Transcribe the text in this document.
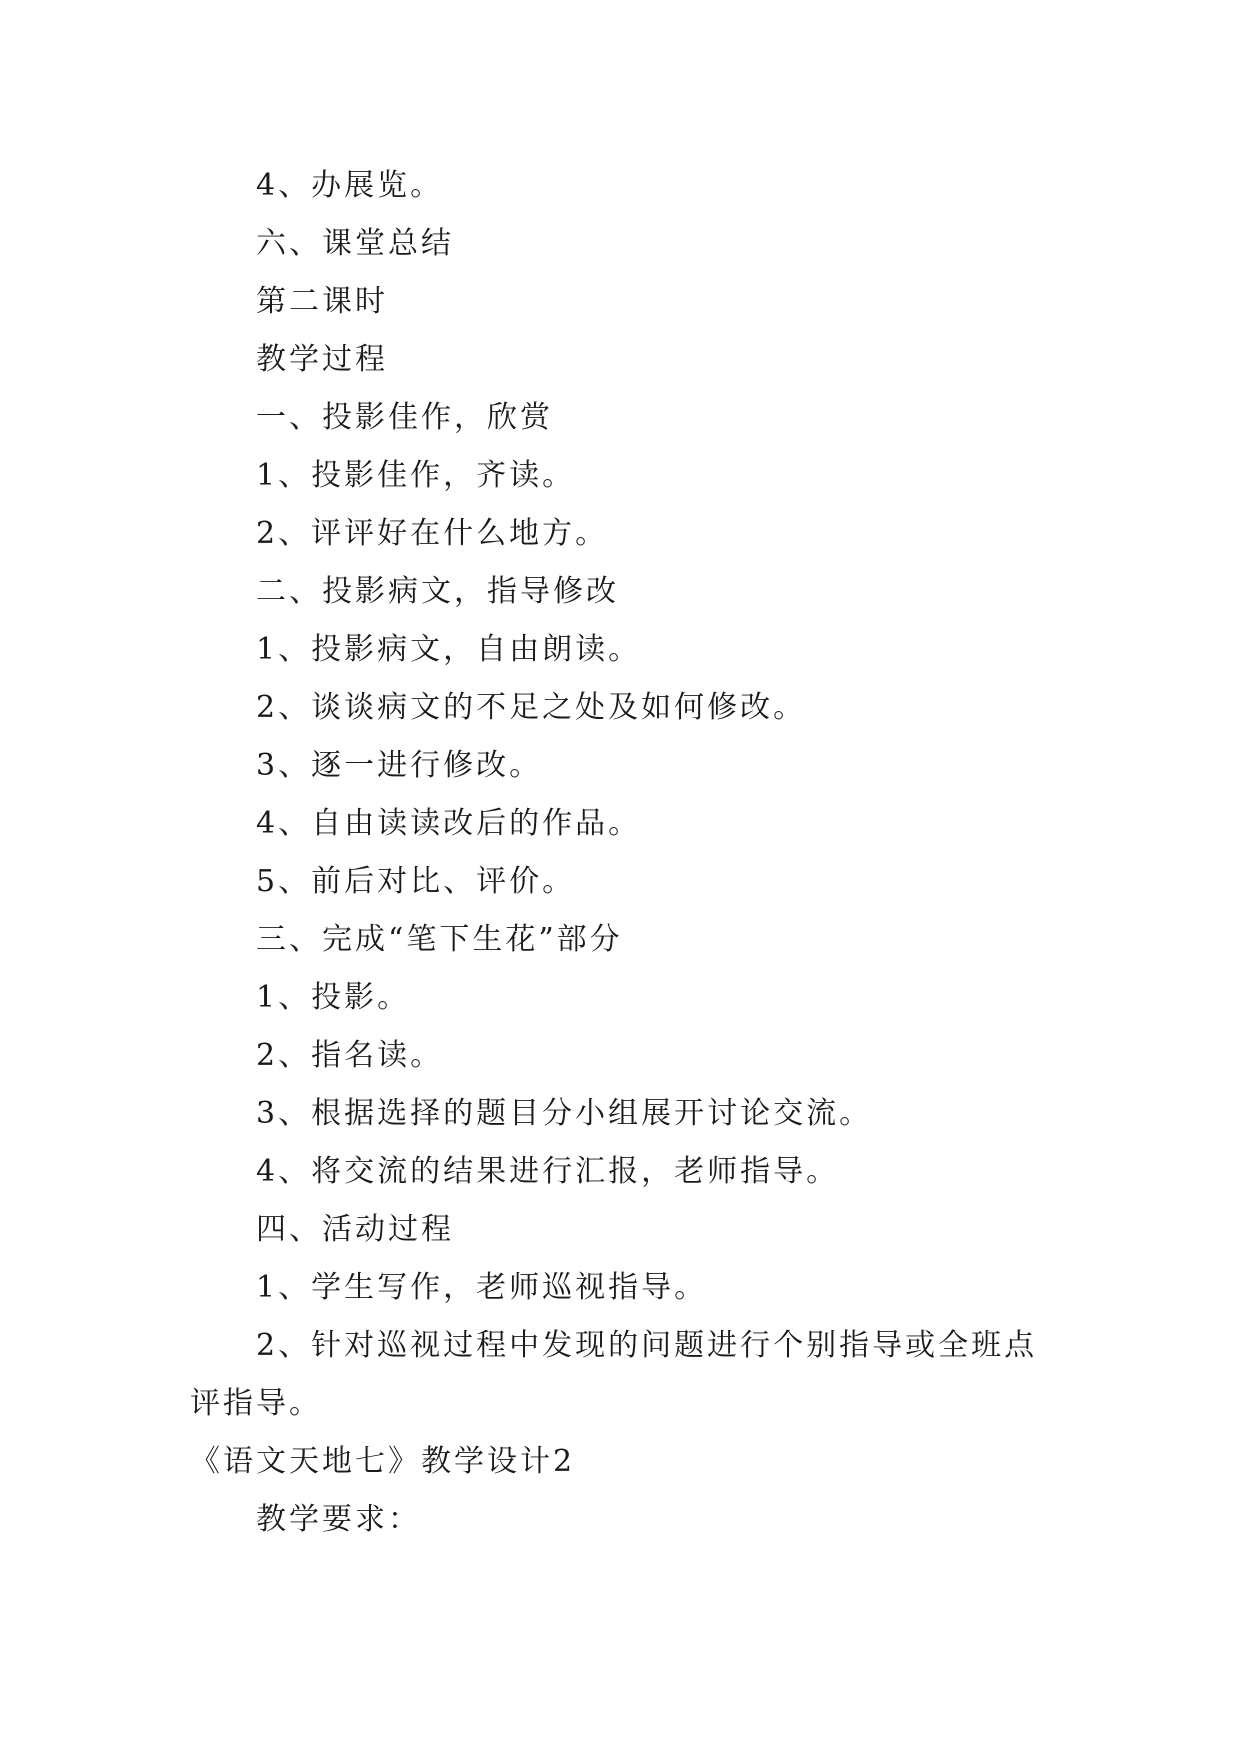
4、办展览。
六、课堂总结
第二课时
教学过程
一、投影佳作，欣赏
1、投影佳作，齐读。
2、评评好在什么地方。
二、投影病文，指导修改
1、投影病文，自由朗读。
2、谈谈病文的不足之处及如何修改。
3、逐一进行修改。
4、自由读读改后的作品。
5、前后对比、评价。
三、完成“笔下生花”部分
1、投影。
2、指名读。
3、根据选择的题目分小组展开讨论交流。
4、将交流的结果进行汇报，老师指导。
四、活动过程
1、学生写作，老师巡视指导。
2、针对巡视过程中发现的问题进行个别指导或全班点
评指导。
《语文天地七》教学设计2
教学要求：
